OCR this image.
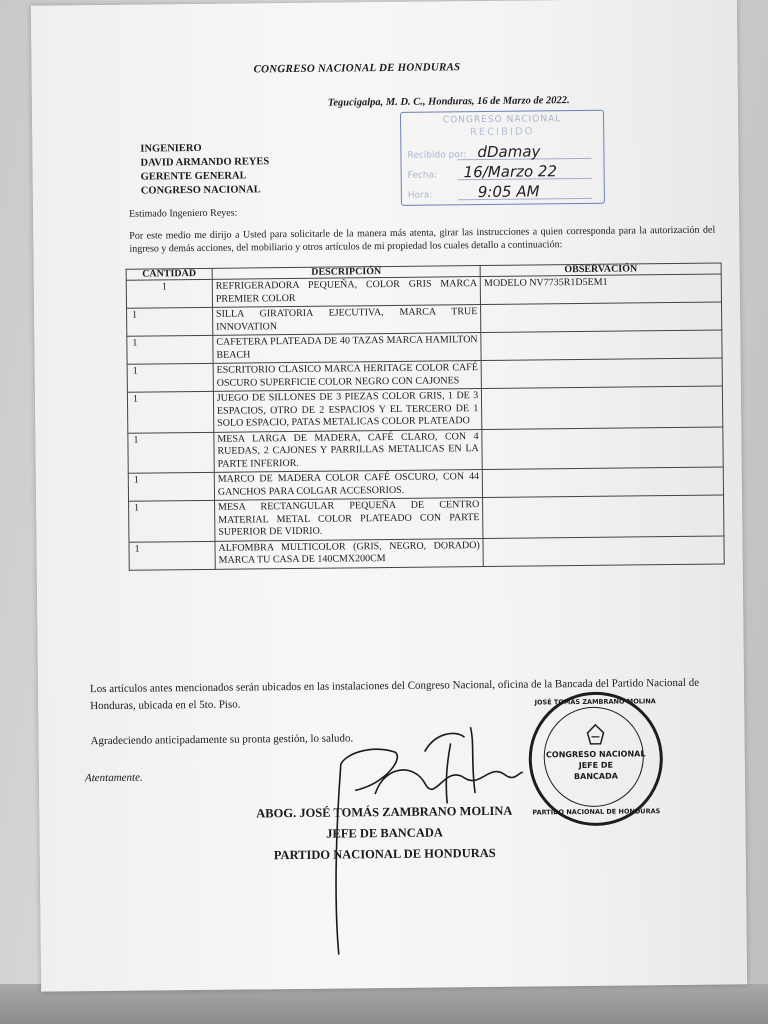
CONGRESO NACIONAL DE HONDURAS
Tegucigalpa, M. D. C., Honduras, 16 de Marzo de 2022.
INGENIERO
DAVID ARMANDO REYES
GERENTE GENERAL
CONGRESO NACIONAL
CONGRESO NACIONAL
RECIBIDO
Recibido por: dDamay
Fecha: 16/Marzo 22
Hora:	9:05 AM
Estimado Ingeniero Reyes:
Por este medio me dirijo a Usted para solicitarle de la manera más atenta, girar las instrucciones a quien corresponda para la autorización del ingreso y demás acciones, del mobiliario y otros artículos de mi propiedad los cuales detallo a continuación:
CANTIDAD	DESCRIPCIÓN	OBSERVACIÓN
1	REFRIGERADORA PEQUEÑA, COLOR GRIS MARCA PREMIER COLOR	MODELO NV7735R1D5EM1
1	SILLA GIRATORIA EJECUTIVA, MARCA TRUE INNOVATION	
1	CAFETERA PLATEADA DE 40 TAZAS MARCA HAMILTON BEACH	
1	ESCRITORIO CLASICO MARCA HERITAGE COLOR CAFÉ OSCURO SUPERFICIE COLOR NEGRO CON CAJONES	
1	JUEGO DE SILLONES DE 3 PIEZAS COLOR GRIS, 1 DE 3 ESPACIOS, OTRO DE 2 ESPACIOS Y EL TERCERO DE 1 SOLO ESPACIO, PATAS METALICAS COLOR PLATEADO	
1	MESA LARGA DE MADERA, CAFÉ CLARO, CON 4 RUEDAS, 2 CAJONES Y PARRILLAS METALICAS EN LA PARTE INFERIOR.	
1	MARCO DE MADERA COLOR CAFÉ OSCURO, CON 44 GANCHOS PARA COLGAR ACCESORIOS.	
1	MESA RECTANGULAR PEQUEÑA DE CENTRO MATERIAL METAL COLOR PLATEADO CON PARTE SUPERIOR DE VIDRIO.	
1	ALFOMBRA MULTICOLOR (GRIS, NEGRO, DORADO) MARCA TU CASA DE 140CMX200CM	
Los artículos antes mencionados serán ubicados en las instalaciones del Congreso Nacional, oficina de la Bancada del Partido Nacional de Honduras, ubicada en el 5to. Piso.
Agradeciendo anticipadamente su pronta gestión, lo saludo.
Atentamente.
ABOG. JOSÉ TOMÁS ZAMBRANO MOLINA
JEFE DE BANCADA
PARTIDO NACIONAL DE HONDURAS
JOSÉ TOMÁS ZAMBRANO MOLINA
CONGRESO NACIONAL
JEFE DE
BANCADA
PARTIDO NACIONAL DE HONDURAS
